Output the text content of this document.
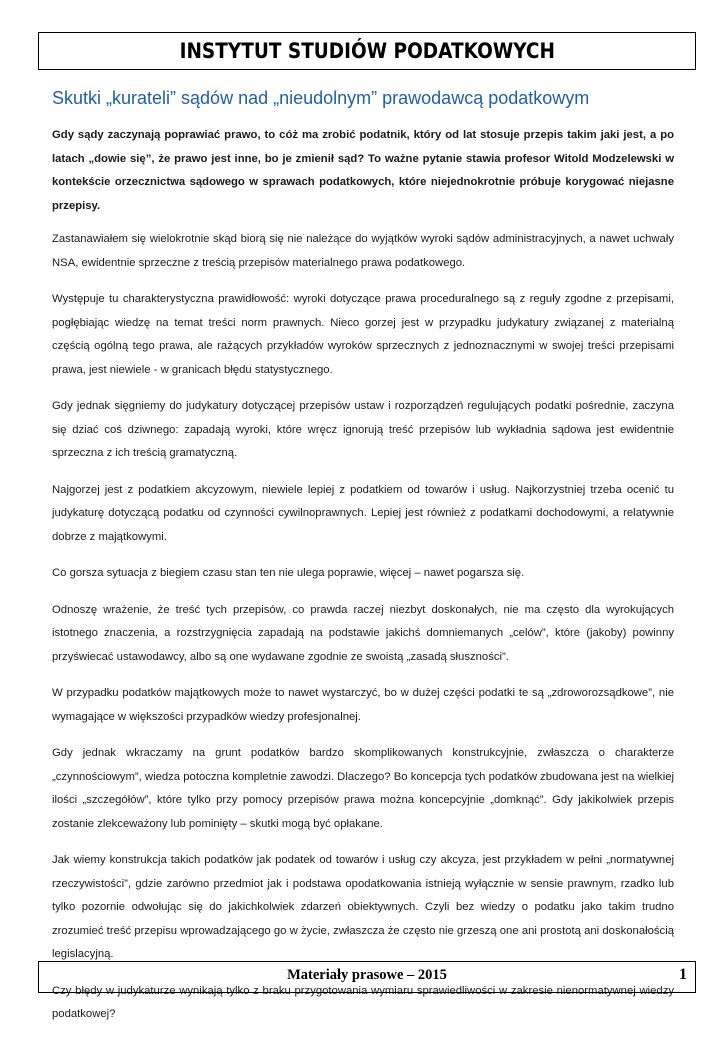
INSTYTUT STUDIÓW PODATKOWYCH
Skutki „kurateli” sądów nad „nieudolnym” prawodawcą podatkowym
Gdy sądy zaczynają poprawiać prawo, to cóż ma zrobić podatnik, który od lat stosuje przepis takim jaki jest, a po latach „dowie się”, że prawo jest inne, bo je zmienił sąd? To ważne pytanie stawia profesor Witold Modzelewski w kontekście orzecznictwa sądowego w sprawach podatkowych, które niejednokrotnie próbuje korygować niejasne przepisy.

Zastanawiałem się wielokrotnie skąd biorą się nie należące do wyjątków wyroki sądów administracyjnych, a nawet uchwały NSA, ewidentnie sprzeczne z treścią przepisów materialnego prawa podatkowego.

Występuje tu charakterystyczna prawidłowość: wyroki dotyczące prawa proceduralnego są z reguły zgodne z przepisami, pogłębiając wiedzę na temat treści norm prawnych. Nieco gorzej jest w przypadku judykatury związanej z materialną częścią ogólną tego prawa, ale rażących przykładów wyroków sprzecznych z jednoznacznymi w swojej treści przepisami prawa, jest niewiele - w granicach błędu statystycznego.

Gdy jednak sięgniemy do judykatury dotyczącej przepisów ustaw i rozporządzeń regulujących podatki pośrednie, zaczyna się dziać coś dziwnego: zapadają wyroki, które wręcz ignorują treść przepisów lub wykładnia sądowa jest ewidentnie sprzeczna z ich treścią gramatyczną.

Najgorzej jest z podatkiem akcyzowym, niewiele lepiej z podatkiem od towarów i usług. Najkorzystniej trzeba ocenić tu judykaturę dotyczącą podatku od czynności cywilnoprawnych. Lepiej jest również z podatkami dochodowymi, a relatywnie dobrze z majątkowymi.

Co gorsza sytuacja z biegiem czasu stan ten nie ulega poprawie, więcej – nawet pogarsza się.

Odnoszę wrażenie, że treść tych przepisów, co prawda raczej niezbyt doskonałych, nie ma często dla wyrokujących istotnego znaczenia, a rozstrzygnięcia zapadają na podstawie jakichś domniemanych „celów”, które (jakoby) powinny przyświecać ustawodawcy, albo są one wydawane zgodnie ze swoistą „zasadą słuszności”.

W przypadku podatków majątkowych może to nawet wystarczyć, bo w dużej części podatki te są „zdroworozsądkowe”, nie wymagające w większości przypadków wiedzy profesjonalnej.

Gdy jednak wkraczamy na grunt podatków bardzo skomplikowanych konstrukcyjnie, zwłaszcza o charakterze „czynnościowym”, wiedza potoczna kompletnie zawodzi. Dlaczego? Bo koncepcja tych podatków zbudowana jest na wielkiej ilości „szczegółów”, które tylko przy pomocy przepisów prawa można koncepcyjnie „domknąć”. Gdy jakikolwiek przepis zostanie zlekceważony lub pominięty – skutki mogą być opłakane.

Jak wiemy konstrukcja takich podatków jak podatek od towarów i usług czy akcyza, jest przykładem w pełni „normatywnej rzeczywistości”, gdzie zarówno przedmiot jak i podstawa opodatkowania istnieją wyłącznie w sensie prawnym, rzadko lub tylko pozornie odwołując się do jakichkolwiek zdarzeń obiektywnych. Czyli bez wiedzy o podatku jako takim trudno zrozumieć treść przepisu wprowadzającego go w życie, zwłaszcza że często nie grzeszą one ani prostotą ani doskonałością legislacyjną.

Czy błędy w judykaturze wynikają tylko z braku przygotowania wymiaru sprawiedliwości w zakresie nienormatywnej wiedzy podatkowej?

Materiały prasowe – 2015	1
